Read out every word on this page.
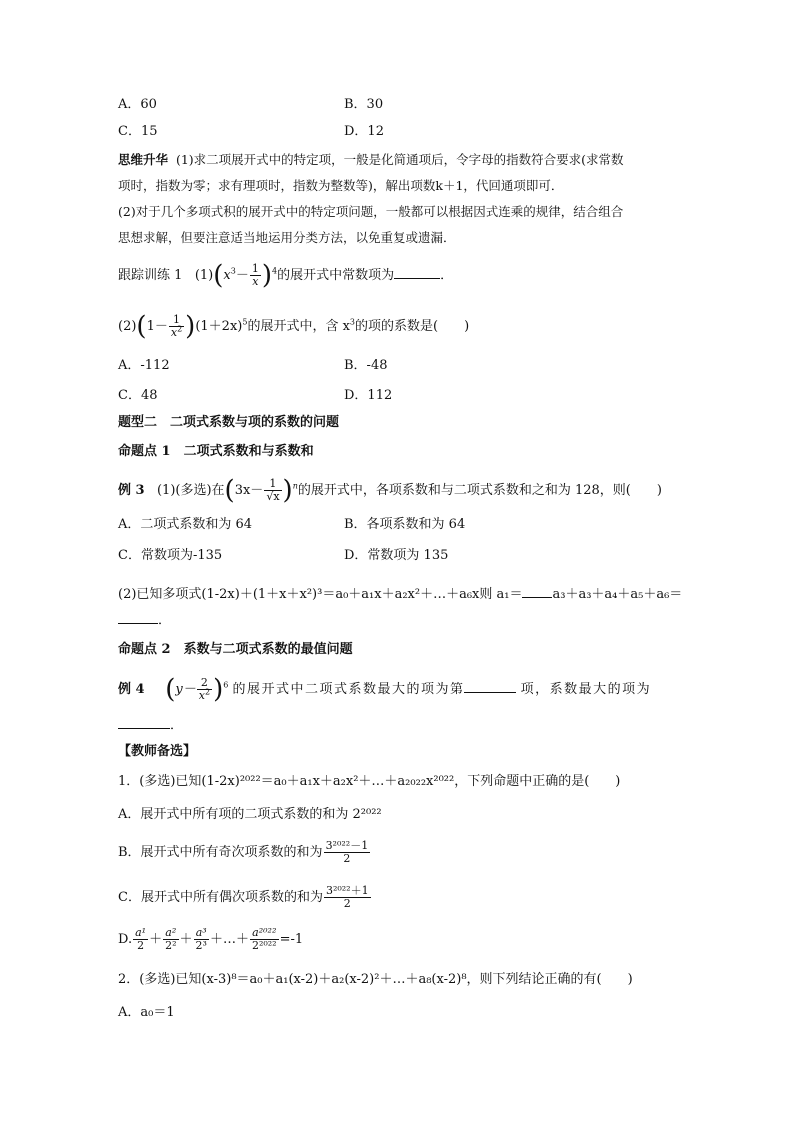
A．60	B．30
C．15	D．12
思维升华 (1)求二项展开式中的特定项，一般是化简通项后，令字母的指数符合要求(求常数
项时，指数为零；求有理项时，指数为整数等)，解出项数k＋1，代回通项即可．
(2)对于几个多项式积的展开式中的特定项问题，一般都可以根据因式连乘的规律，结合组合
思想求解，但要注意适当地运用分类方法，以免重复或遗漏．
跟踪训练 1 $(1)(x^3- \frac{1}{x} )^4$的展开式中常数项为	．
$(2)(1- \frac{1}{x^2} )(1+2x)^5$的展开式中，含 $x^3$的项的系数是(　　)
A．-112	B．-48
C．48	D．112
题型二　二项式系数与项的系数的问题
命题点 1　二项式系数和与系数和
例 3 (1)(多选)在$(3x- \frac{1}{√x} )^n$的展开式中，各项系数和与二项式系数和之和为 128，则(　　)
A．二项式系数和为 64	B．各项系数和为 64
C．常数项为-135	D．常数项为 135
(2)已知多项式(1-2x)＋(1＋x＋x²)³＝a₀＋a₁x＋a₂x²＋…＋a₆x则 a₁＝ a₃＋a₃＋a₄＋a₅＋a₆＝
．
命题点 2　系数与二项式系数的最值问题
例 4 $(y- \frac{2}{x^2} )^6$ 的展开式中二项式系数最大的项为第	项，系数最大的项为
．
【教师备选】
1．(多选)已知(1-2x)²⁰²²＝a₀＋a₁x＋a₂x²＋…＋a₂₀₂₂x²⁰²²，下列命题中正确的是(　　)
A．展开式中所有项的二项式系数的和为 2²⁰²²
B．展开式中所有奇次项系数的和为 $\frac{\text{3²⁰²²－1}}{2}$
C．展开式中所有偶次项系数的和为 $\frac{\text{3²⁰²²＋1}}{2}$
D. $\frac{\text{a¹}}{2} + \frac{\text{a²}}{\text{2²}} + \frac{\text{a³}}{\text{2³}}$ ＋…＋ $\frac{\text{a²⁰²²}}{\text{2²⁰²²}} =-1$
2．(多选)已知(x-3)⁸＝a₀＋a₁(x-2)＋a₂(x-2)²＋…＋a₈(x-2)⁸，则下列结论正确的有(　　)
A．a₀＝1
